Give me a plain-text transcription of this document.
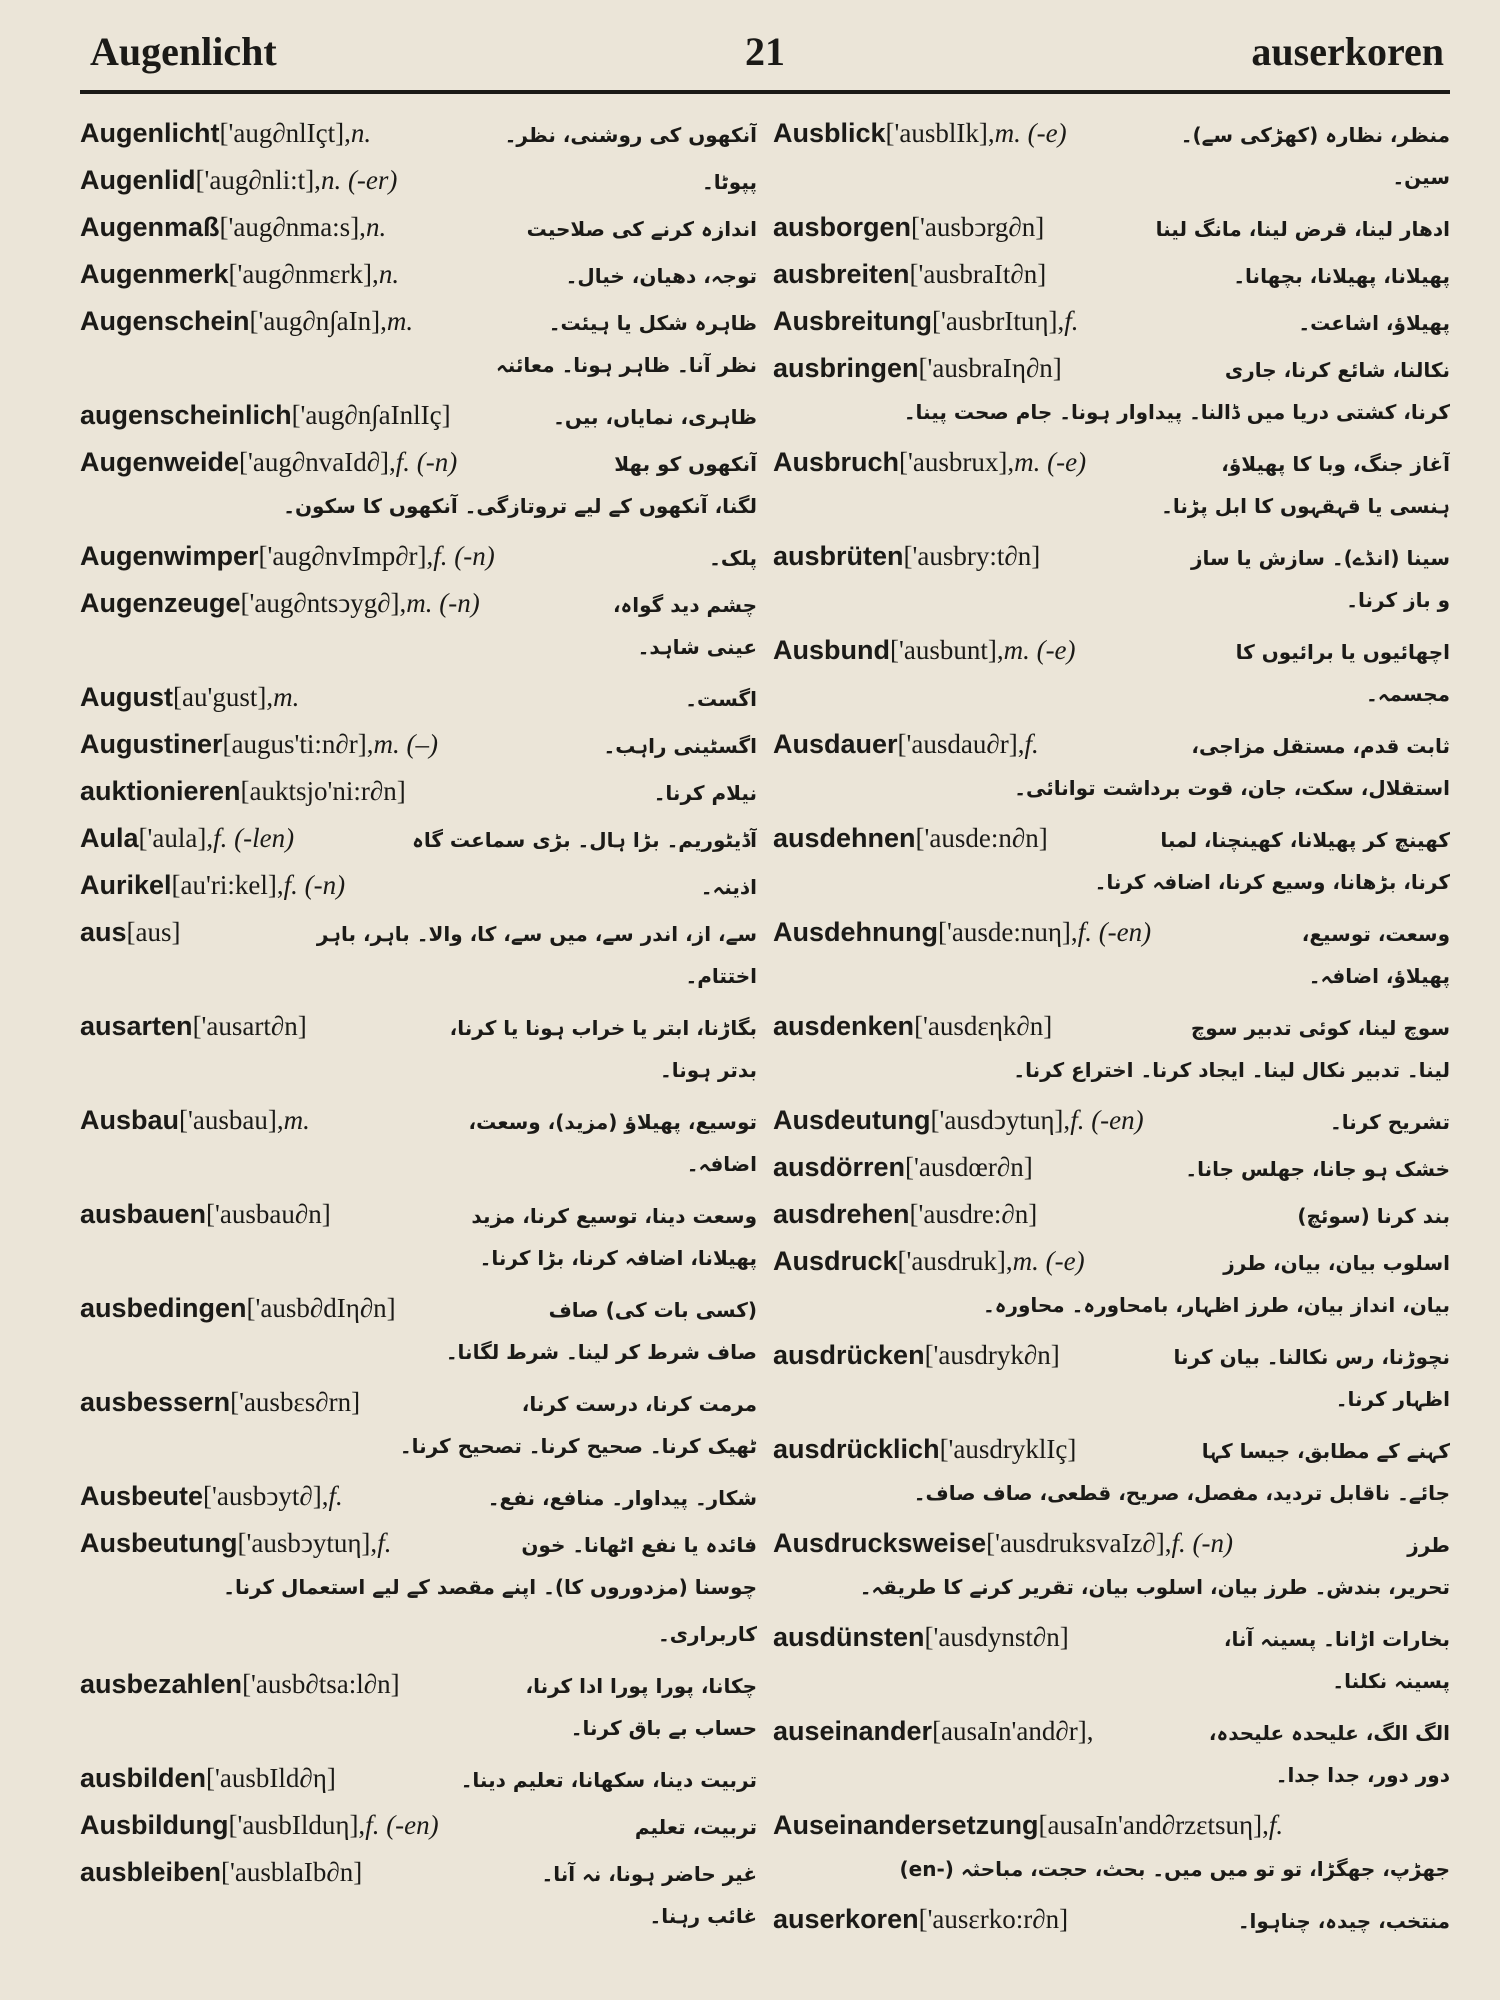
Augenlicht	21	auserkoren
Augenlicht ['aug∂nlIçt], n.	آنکھوں کی روشنی، نظر۔
Augenlid ['aug∂nli:t], n. (-er)	پپوٹا۔
Augenmaß ['aug∂nma:s], n.	اندازہ کرنے کی صلاحیت
Augenmerk ['aug∂nmεrk], n.	توجہ، دھیان، خیال۔
Augenschein ['aug∂n∫aIn], m.	ظاہرہ شکل یا ہیئت۔
نظر آنا۔ ظاہر ہونا۔ معائنہ
augenscheinlich ['aug∂n∫aInlIç]	ظاہری، نمایاں، بیں۔
Augenweide ['aug∂nvaId∂], f. (-n)	آنکھوں کو بھلا
لگنا، آنکھوں کے لیے تروتازگی۔ آنکھوں کا سکون۔
Augenwimper ['aug∂nvImp∂r], f. (-n)	پلک۔
Augenzeuge ['aug∂ntsↄyg∂], m. (-n)	چشم دید گواہ،
عینی شاہد۔
August [au'gust], m.	اگست۔
Augustiner [augus'ti:n∂r], m. (–)	اگسٹینی راہب۔
auktionieren [auktsjo'ni:r∂n]	نیلام کرنا۔
Aula ['aula], f. (-len)	آڈیٹوریم۔ بڑا ہال۔ بڑی سماعت گاہ
Aurikel [au'ri:kel], f. (-n)	اذینہ۔
aus [aus]	سے، از، اندر سے، میں سے، کا، والا۔ باہر، باہر
اختتام۔
ausarten ['ausart∂n]	بگاڑنا، ابتر یا خراب ہونا یا کرنا،
بدتر ہونا۔
Ausbau ['ausbau], m.	توسیع، پھیلاؤ (مزید)، وسعت،
اضافہ۔
ausbauen ['ausbau∂n]	وسعت دینا، توسیع کرنا، مزید
پھیلانا، اضافہ کرنا، بڑا کرنا۔
ausbedingen ['ausb∂dIη∂n]	(کسی بات کی) صاف
صاف شرط کر لینا۔ شرط لگانا۔
ausbessern ['ausbεs∂rn]	مرمت کرنا، درست کرنا،
ٹھیک کرنا۔ صحیح کرنا۔ تصحیح کرنا۔
Ausbeute ['ausbↄyt∂], f.	شکار۔ پیداوار۔ منافع، نفع۔
Ausbeutung ['ausbↄytuη], f.	فائدہ یا نفع اٹھانا۔ خون
چوسنا (مزدوروں کا)۔ اپنے مقصد کے لیے استعمال کرنا۔
کاربراری۔
ausbezahlen ['ausb∂tsa:l∂n]	چکانا، پورا پورا ادا کرنا،
حساب بے باق کرنا۔
ausbilden ['ausbIld∂η]	تربیت دینا، سکھانا، تعلیم دینا۔
Ausbildung ['ausbIlduη], f. (-en)	تربیت، تعلیم
ausbleiben ['ausblaIb∂n]	غیر حاضر ہونا، نہ آنا۔
غائب رہنا۔
Ausblick ['ausblIk], m. (-e)	منظر، نظارہ (کھڑکی سے)۔
سین۔
ausborgen ['ausbↄrg∂n]	ادھار لینا، قرض لینا، مانگ لینا
ausbreiten ['ausbraIt∂n]	پھیلانا، پھیلانا، بچھانا۔
Ausbreitung ['ausbrItuη], f.	پھیلاؤ، اشاعت۔
ausbringen ['ausbraIη∂n]	نکالنا، شائع کرنا، جاری
کرنا، کشتی دریا میں ڈالنا۔ پیداوار ہونا۔ جام صحت پینا۔
Ausbruch ['ausbrux], m. (-e)	آغاز جنگ، وبا کا پھیلاؤ،
ہنسی یا قہقہوں کا ابل پڑنا۔
ausbrüten ['ausbry:t∂n]	سینا (انڈے)۔ سازش یا ساز
و باز کرنا۔
Ausbund ['ausbunt], m. (-e)	اچھائیوں یا برائیوں کا
مجسمہ۔
Ausdauer ['ausdau∂r], f.	ثابت قدم، مستقل مزاجی،
استقلال، سکت، جان، قوت برداشت توانائی۔
ausdehnen ['ausde:n∂n]	کھینچ کر پھیلانا، کھینچنا، لمبا
کرنا، بڑھانا، وسیع کرنا، اضافہ کرنا۔
Ausdehnung ['ausde:nuη], f. (-en)	وسعت، توسیع،
پھیلاؤ، اضافہ۔
ausdenken ['ausdεηk∂n]	سوچ لینا، کوئی تدبیر سوچ
لینا۔ تدبیر نکال لینا۔ ایجاد کرنا۔ اختراع کرنا۔
Ausdeutung ['ausdↄytuη], f. (-en)	تشریح کرنا۔
ausdörren ['ausdœr∂n]	خشک ہو جانا، جھلس جانا۔
ausdrehen ['ausdre:∂n]	بند کرنا (سوئچ)
Ausdruck ['ausdruk], m. (-e)	اسلوب بیان، بیان، طرز
بیان، انداز بیان، طرز اظہار، بامحاورہ۔ محاورہ۔
ausdrücken ['ausdryk∂n]	نچوڑنا، رس نکالنا۔ بیان کرنا
اظہار کرنا۔
ausdrücklich ['ausdryklIç]	کہنے کے مطابق، جیسا کہا
جائے۔ ناقابل تردید، مفصل، صریح، قطعی، صاف صاف۔
Ausdrucksweise ['ausdruksvaIz∂], f. (-n)	طرز
تحریر، بندش۔ طرز بیان، اسلوب بیان، تقریر کرنے کا طریقہ۔
ausdünsten ['ausdynst∂n]	بخارات اڑانا۔ پسینہ آنا،
پسینہ نکلنا۔
auseinander [ausaIn'and∂r],	الگ الگ، علیحدہ علیحدہ،
دور دور، جدا جدا۔
Auseinandersetzung [ausaIn'and∂rzεtsuη], f.
جھڑپ، جھگڑا، تو تو میں میں۔ بحث، حجت، مباحثہ (-en)
auserkoren ['ausεrko:r∂n]	منتخب، چیدہ، چناہوا۔
